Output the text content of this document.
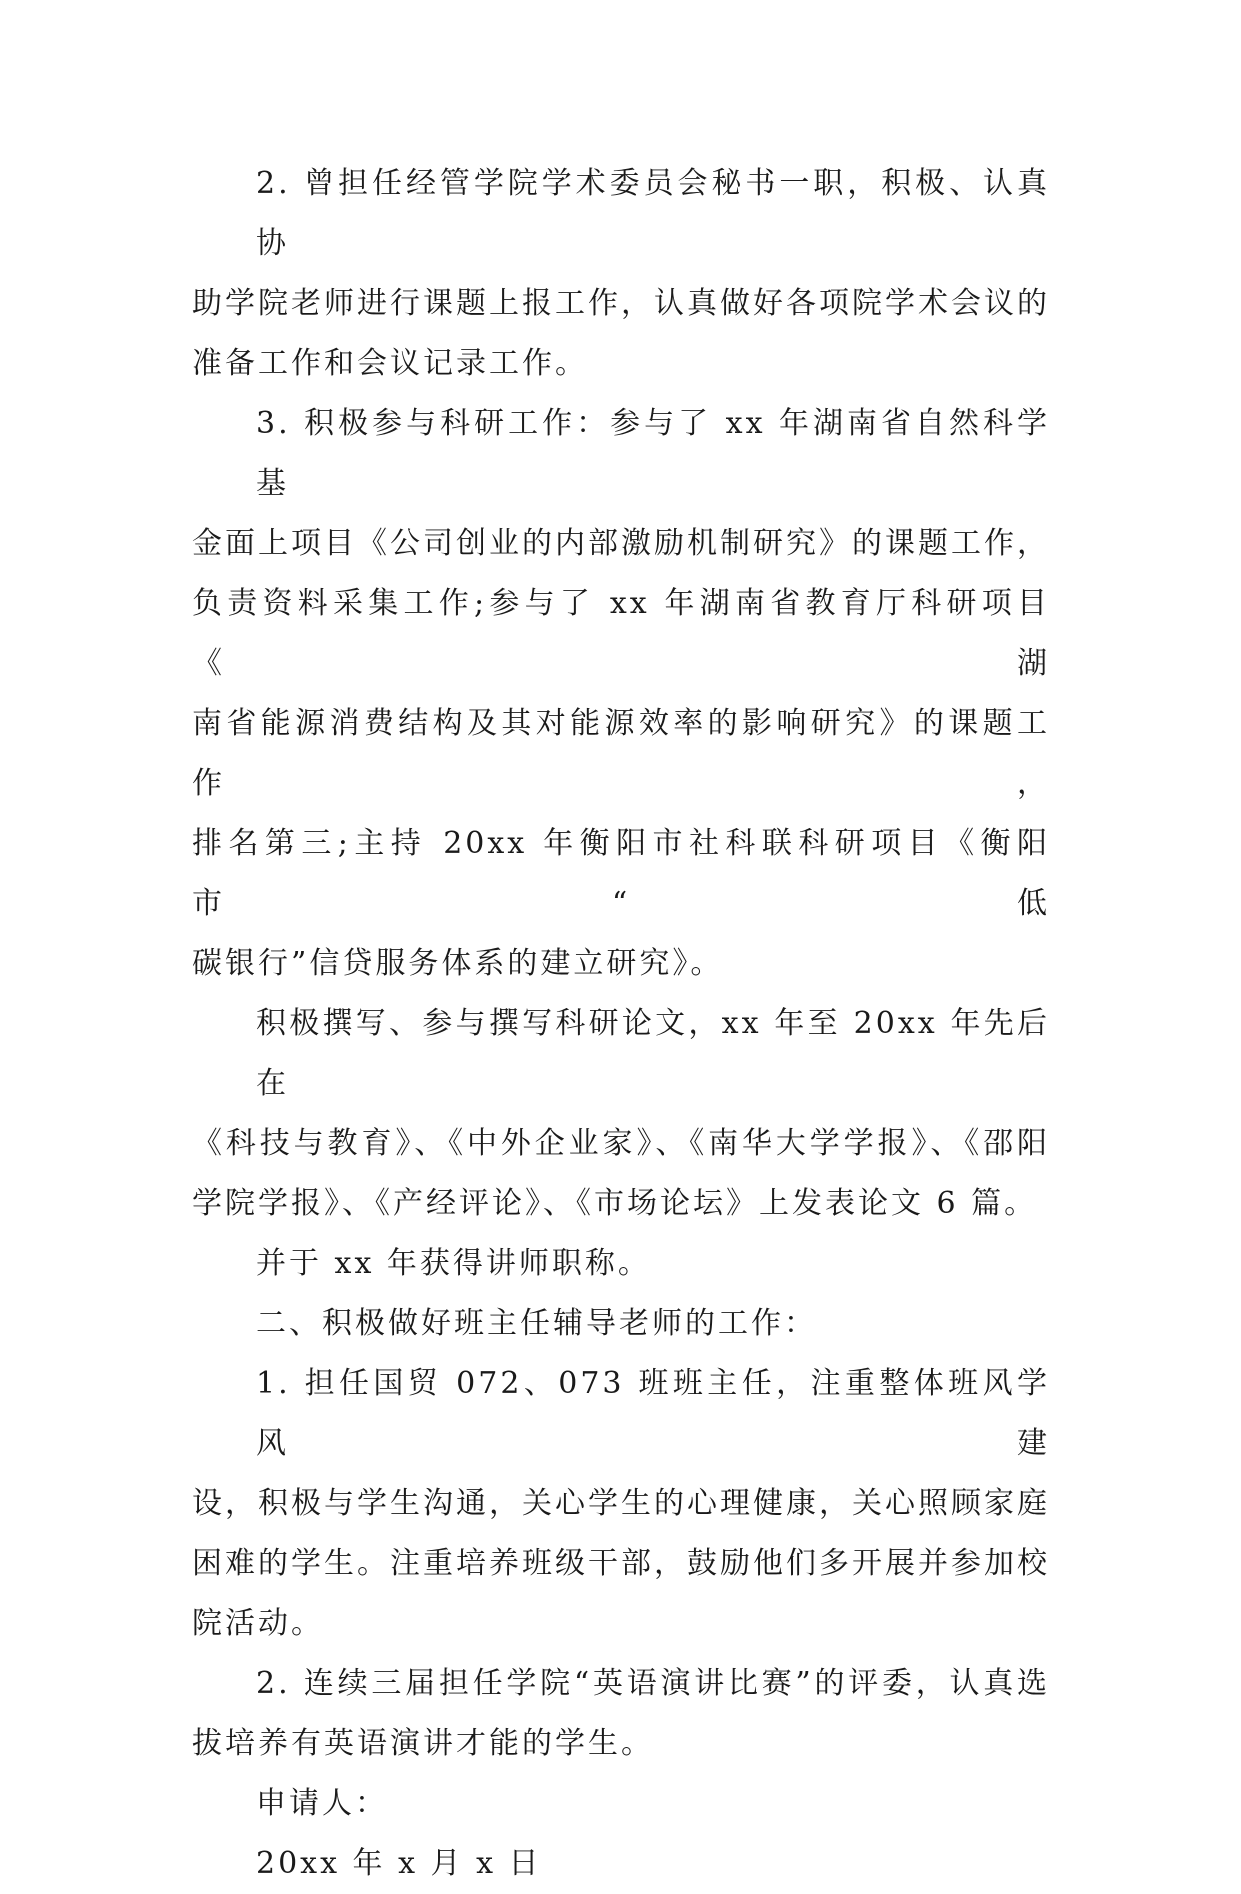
2. 曾担任经管学院学术委员会秘书一职，积极、认真协
助学院老师进行课题上报工作，认真做好各项院学术会议的
准备工作和会议记录工作。
3. 积极参与科研工作：参与了 xx 年湖南省自然科学基
金面上项目《公司创业的内部激励机制研究》的课题工作，
负责资料采集工作;参与了 xx 年湖南省教育厅科研项目《湖
南省能源消费结构及其对能源效率的影响研究》的课题工作，
排名第三;主持 20xx 年衡阳市社科联科研项目《衡阳市“低
碳银行”信贷服务体系的建立研究》。
积极撰写、参与撰写科研论文，xx 年至 20xx 年先后在
《科技与教育》、《中外企业家》、《南华大学学报》、《邵阳
学院学报》、《产经评论》、《市场论坛》上发表论文 6 篇。
并于 xx 年获得讲师职称。
二、积极做好班主任辅导老师的工作：
1. 担任国贸 072、073 班班主任，注重整体班风学风建
设，积极与学生沟通，关心学生的心理健康，关心照顾家庭
困难的学生。注重培养班级干部，鼓励他们多开展并参加校
院活动。
2. 连续三届担任学院“英语演讲比赛”的评委，认真选
拔培养有英语演讲才能的学生。
申请人：
20xx 年 x 月 x 日
